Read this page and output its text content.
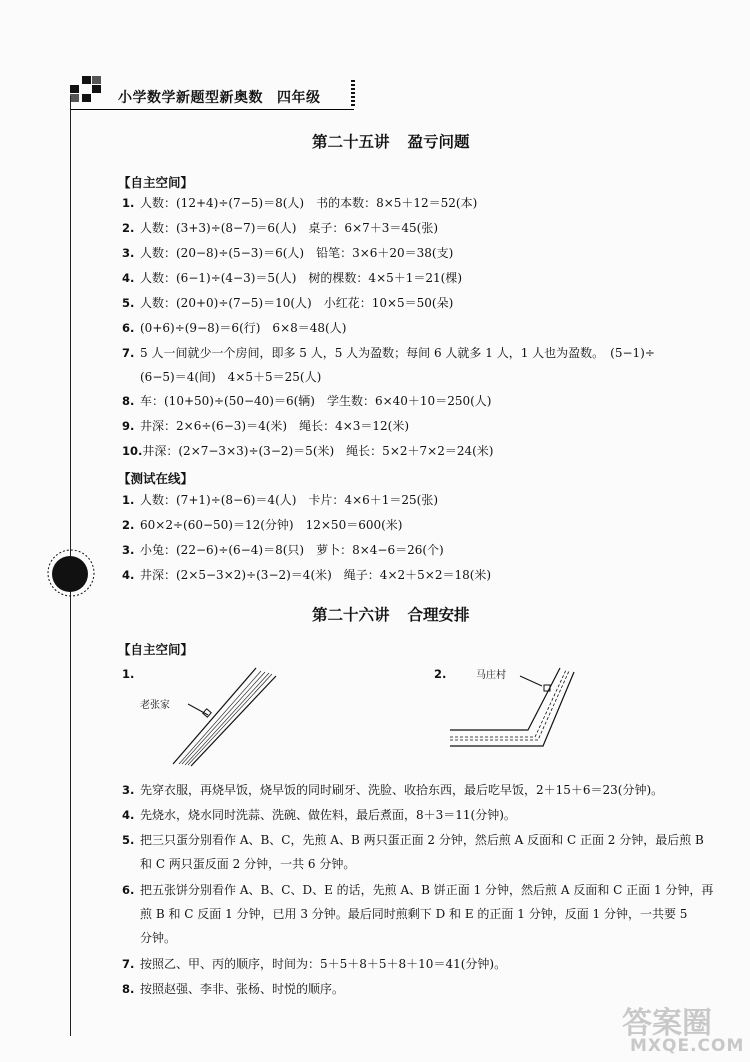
小学数学新题型新奥数 四年级
第二十五讲 盈亏问题
【自主空间】
1. 人数：(12+4)÷(7−5)＝8(人)　书的本数：8×5＋12＝52(本)
2. 人数：(3+3)÷(8−7)＝6(人)　桌子：6×7＋3＝45(张)
3. 人数：(20−8)÷(5−3)＝6(人)　铅笔：3×6＋20＝38(支)
4. 人数：(6−1)÷(4−3)＝5(人)　树的棵数：4×5＋1＝21(棵)
5. 人数：(20+0)÷(7−5)＝10(人)　小红花：10×5＝50(朵)
6. (0+6)÷(9−8)＝6(行)　6×8＝48(人)
7. 5 人一间就少一个房间，即多 5 人，5 人为盈数；每间 6 人就多 1 人，1 人也为盈数。　(5−1)÷
(6−5)＝4(间)　4×5＋5＝25(人)
8. 车：(10+50)÷(50−40)＝6(辆)　学生数：6×40＋10＝250(人)
9. 井深：2×6÷(6−3)＝4(米)　绳长：4×3＝12(米)
10.井深：(2×7−3×3)÷(3−2)＝5(米)　绳长：5×2＋7×2＝24(米)
【测试在线】
1. 人数：(7+1)÷(8−6)＝4(人)　卡片：4×6＋1＝25(张)
2. 60×2÷(60−50)＝12(分钟)　12×50＝600(米)
3. 小兔：(22−6)÷(6−4)＝8(只)　萝卜：8×4−6＝26(个)
4. 井深：(2×5−3×2)÷(3−2)＝4(米)　绳子：4×2＋5×2＝18(米)
第二十六讲 合理安排
【自主空间】
1.
老张家
2.	马庄村
3. 先穿衣服，再烧早饭，烧早饭的同时刷牙、洗脸、收拾东西，最后吃早饭，2＋15＋6＝23(分钟)。
4. 先烧水，烧水同时洗蒜、洗碗、做佐料，最后煮面，8＋3＝11(分钟)。
5. 把三只蛋分别看作 A、B、C，先煎 A、B 两只蛋正面 2 分钟，然后煎 A 反面和 C 正面 2 分钟，最后煎 B
和 C 两只蛋反面 2 分钟，一共 6 分钟。
6. 把五张饼分别看作 A、B、C、D、E 的话，先煎 A、B 饼正面 1 分钟，然后煎 A 反面和 C 正面 1 分钟，再
煎 B 和 C 反面 1 分钟，已用 3 分钟。最后同时煎剩下 D 和 E 的正面 1 分钟，反面 1 分钟，一共要 5
分钟。
7. 按照乙、甲、丙的顺序，时间为：5＋5＋8＋5＋8＋10＝41(分钟)。
8. 按照赵强、李非、张杨、时悦的顺序。
答案圈
MXQE.COM
